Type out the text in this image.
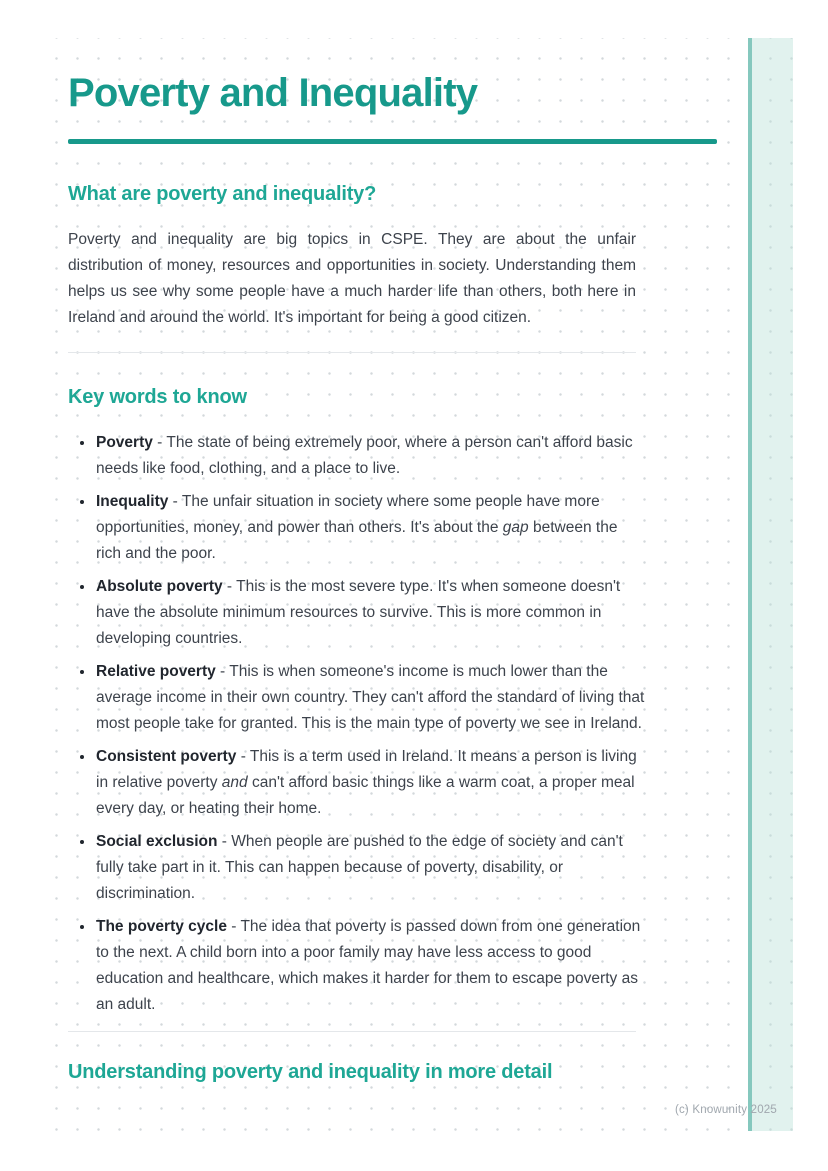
Poverty and Inequality
What are poverty and inequality?

Poverty and inequality are big topics in CSPE. They are about the unfair distribution of money, resources and opportunities in society. Understanding them helps us see why some people have a much harder life than others, both here in Ireland and around the world. It's important for being a good citizen.

Key words to know
• Poverty - The state of being extremely poor, where a person can't afford basic needs like food, clothing, and a place to live.
• Inequality - The unfair situation in society where some people have more opportunities, money, and power than others. It's about the gap between the rich and the poor.
• Absolute poverty - This is the most severe type. It's when someone doesn't have the absolute minimum resources to survive. This is more common in developing countries.
• Relative poverty - This is when someone's income is much lower than the average income in their own country. They can't afford the standard of living that most people take for granted. This is the main type of poverty we see in Ireland.
• Consistent poverty - This is a term used in Ireland. It means a person is living in relative poverty and can't afford basic things like a warm coat, a proper meal every day, or heating their home.
• Social exclusion - When people are pushed to the edge of society and can't fully take part in it. This can happen because of poverty, disability, or discrimination.
• The poverty cycle - The idea that poverty is passed down from one generation to the next. A child born into a poor family may have less access to good education and healthcare, which makes it harder for them to escape poverty as an adult.
Understanding poverty and inequality in more detail
(c) Knowunity 2025
